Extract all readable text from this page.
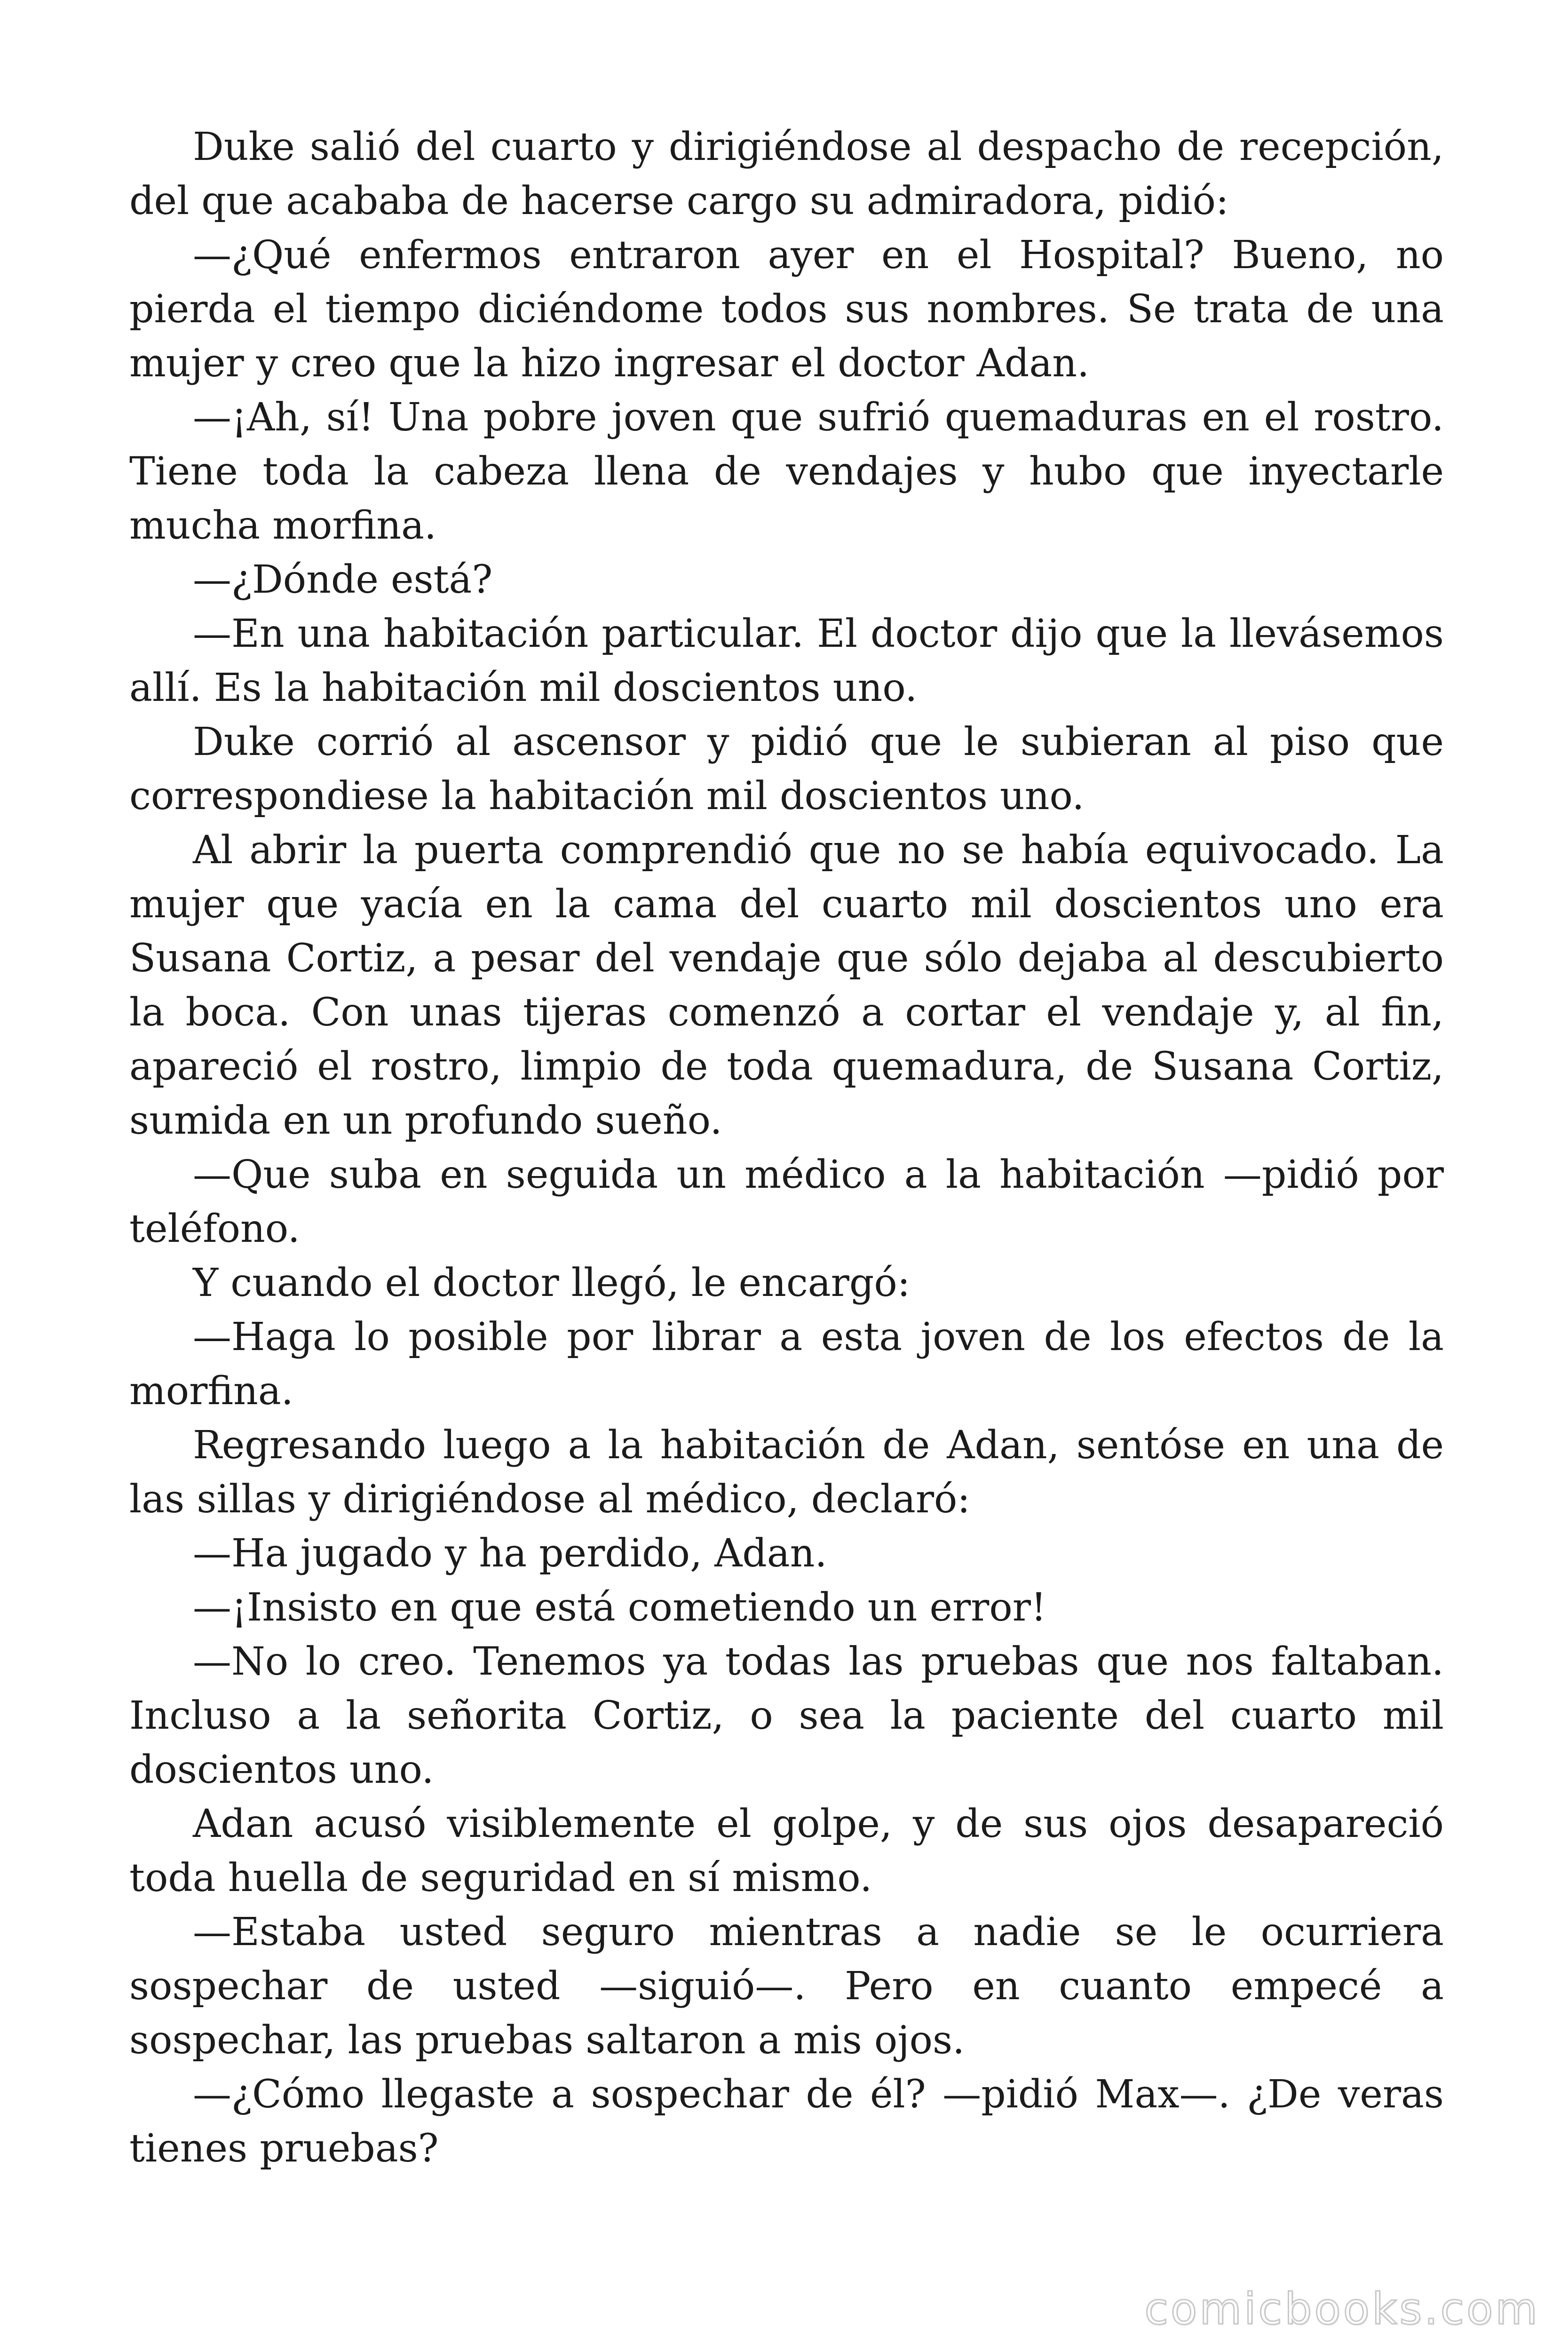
Duke salió del cuarto y dirigiéndose al despacho de recepción, del que acababa de hacerse cargo su admiradora, pidió:

—¿Qué enfermos entraron ayer en el Hospital? Bueno, no pierda el tiempo diciéndome todos sus nombres. Se trata de una mujer y creo que la hizo ingresar el doctor Adan.

—¡Ah, sí! Una pobre joven que sufrió quemaduras en el rostro. Tiene toda la cabeza llena de vendajes y hubo que inyectarle mucha morfina.

—¿Dónde está?

—En una habitación particular. El doctor dijo que la llevásemos allí. Es la habitación mil doscientos uno.

Duke corrió al ascensor y pidió que le subieran al piso que correspondiese la habitación mil doscientos uno.

Al abrir la puerta comprendió que no se había equivocado. La mujer que yacía en la cama del cuarto mil doscientos uno era Susana Cortiz, a pesar del vendaje que sólo dejaba al descubierto la boca. Con unas tijeras comenzó a cortar el vendaje y, al fin, apareció el rostro, limpio de toda quemadura, de Susana Cortiz, sumida en un profundo sueño.

—Que suba en seguida un médico a la habitación —pidió por teléfono.

Y cuando el doctor llegó, le encargó:

—Haga lo posible por librar a esta joven de los efectos de la morfina.

Regresando luego a la habitación de Adan, sentóse en una de las sillas y dirigiéndose al médico, declaró:

—Ha jugado y ha perdido, Adan.

—¡Insisto en que está cometiendo un error!

—No lo creo. Tenemos ya todas las pruebas que nos faltaban. Incluso a la señorita Cortiz, o sea la paciente del cuarto mil doscientos uno.

Adan acusó visiblemente el golpe, y de sus ojos desapareció toda huella de seguridad en sí mismo.

—Estaba usted seguro mientras a nadie se le ocurriera sospechar de usted —siguió—. Pero en cuanto empecé a sospechar, las pruebas saltaron a mis ojos.

—¿Cómo llegaste a sospechar de él? —pidió Max—. ¿De veras tienes pruebas?

comicbooks.com
